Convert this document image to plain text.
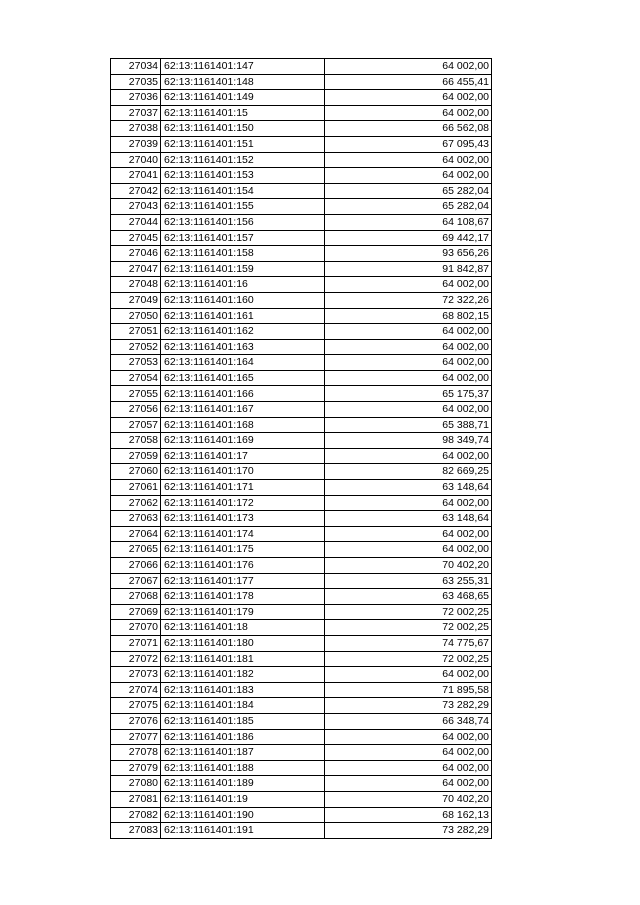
27034	62:13:1161401:147	64 002,00
27035	62:13:1161401:148	66 455,41
27036	62:13:1161401:149	64 002,00
27037	62:13:1161401:15	64 002,00
27038	62:13:1161401:150	66 562,08
27039	62:13:1161401:151	67 095,43
27040	62:13:1161401:152	64 002,00
27041	62:13:1161401:153	64 002,00
27042	62:13:1161401:154	65 282,04
27043	62:13:1161401:155	65 282,04
27044	62:13:1161401:156	64 108,67
27045	62:13:1161401:157	69 442,17
27046	62:13:1161401:158	93 656,26
27047	62:13:1161401:159	91 842,87
27048	62:13:1161401:16	64 002,00
27049	62:13:1161401:160	72 322,26
27050	62:13:1161401:161	68 802,15
27051	62:13:1161401:162	64 002,00
27052	62:13:1161401:163	64 002,00
27053	62:13:1161401:164	64 002,00
27054	62:13:1161401:165	64 002,00
27055	62:13:1161401:166	65 175,37
27056	62:13:1161401:167	64 002,00
27057	62:13:1161401:168	65 388,71
27058	62:13:1161401:169	98 349,74
27059	62:13:1161401:17	64 002,00
27060	62:13:1161401:170	82 669,25
27061	62:13:1161401:171	63 148,64
27062	62:13:1161401:172	64 002,00
27063	62:13:1161401:173	63 148,64
27064	62:13:1161401:174	64 002,00
27065	62:13:1161401:175	64 002,00
27066	62:13:1161401:176	70 402,20
27067	62:13:1161401:177	63 255,31
27068	62:13:1161401:178	63 468,65
27069	62:13:1161401:179	72 002,25
27070	62:13:1161401:18	72 002,25
27071	62:13:1161401:180	74 775,67
27072	62:13:1161401:181	72 002,25
27073	62:13:1161401:182	64 002,00
27074	62:13:1161401:183	71 895,58
27075	62:13:1161401:184	73 282,29
27076	62:13:1161401:185	66 348,74
27077	62:13:1161401:186	64 002,00
27078	62:13:1161401:187	64 002,00
27079	62:13:1161401:188	64 002,00
27080	62:13:1161401:189	64 002,00
27081	62:13:1161401:19	70 402,20
27082	62:13:1161401:190	68 162,13
27083	62:13:1161401:191	73 282,29
